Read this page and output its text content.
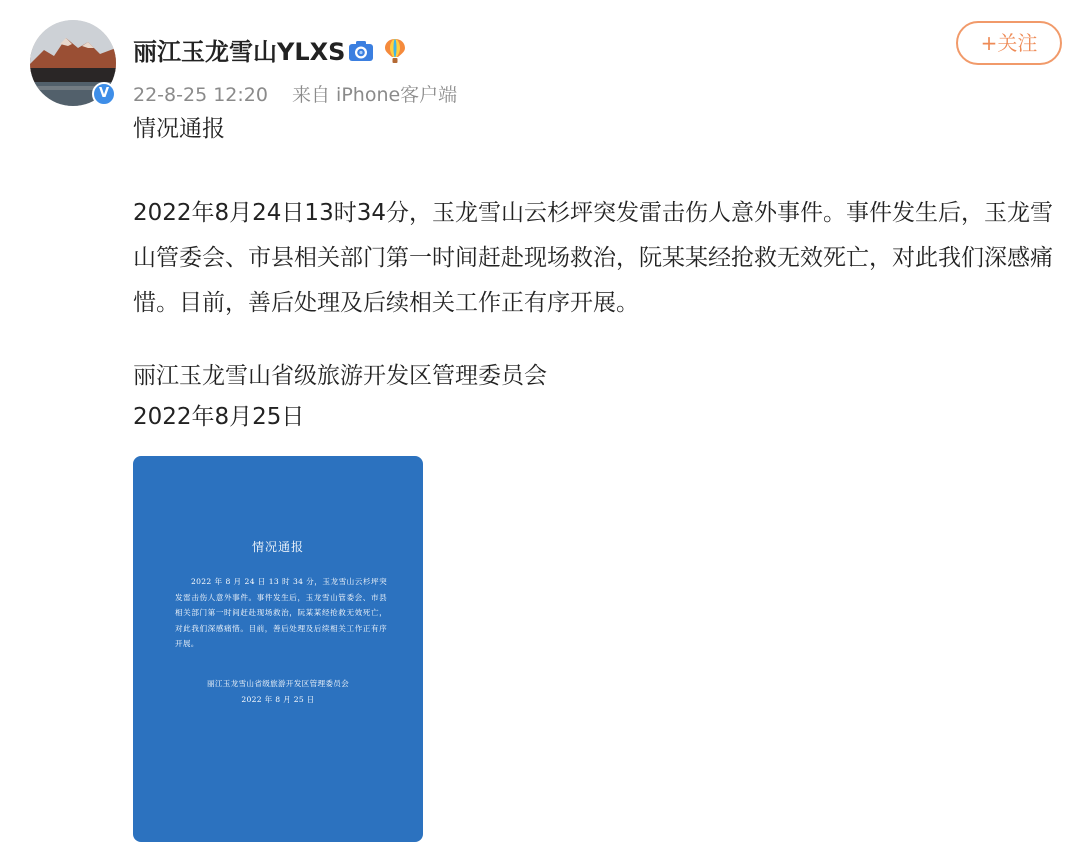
V
丽江玉龙雪山YLXS
22-8-25 12:20 来自 iPhone客户端
+关注
情况通报
2022年8月24日13时34分，玉龙雪山云杉坪突发雷击伤人意外事件。事件发生后，玉龙雪山管委会、市县相关部门第一时间赶赴现场救治，阮某某经抢救无效死亡，对此我们深感痛惜。目前，善后处理及后续相关工作正有序开展。
丽江玉龙雪山省级旅游开发区管理委员会
2022年8月25日
情况通报
2022 年 8 月 24 日 13 时 34 分，玉龙雪山云杉坪突发雷击伤人意外事件。事件发生后，玉龙雪山管委会、市县相关部门第一时间赶赴现场救治，阮某某经抢救无效死亡，对此我们深感痛惜。目前，善后处理及后续相关工作正有序开展。
丽江玉龙雪山省级旅游开发区管理委员会
2022 年 8 月 25 日
